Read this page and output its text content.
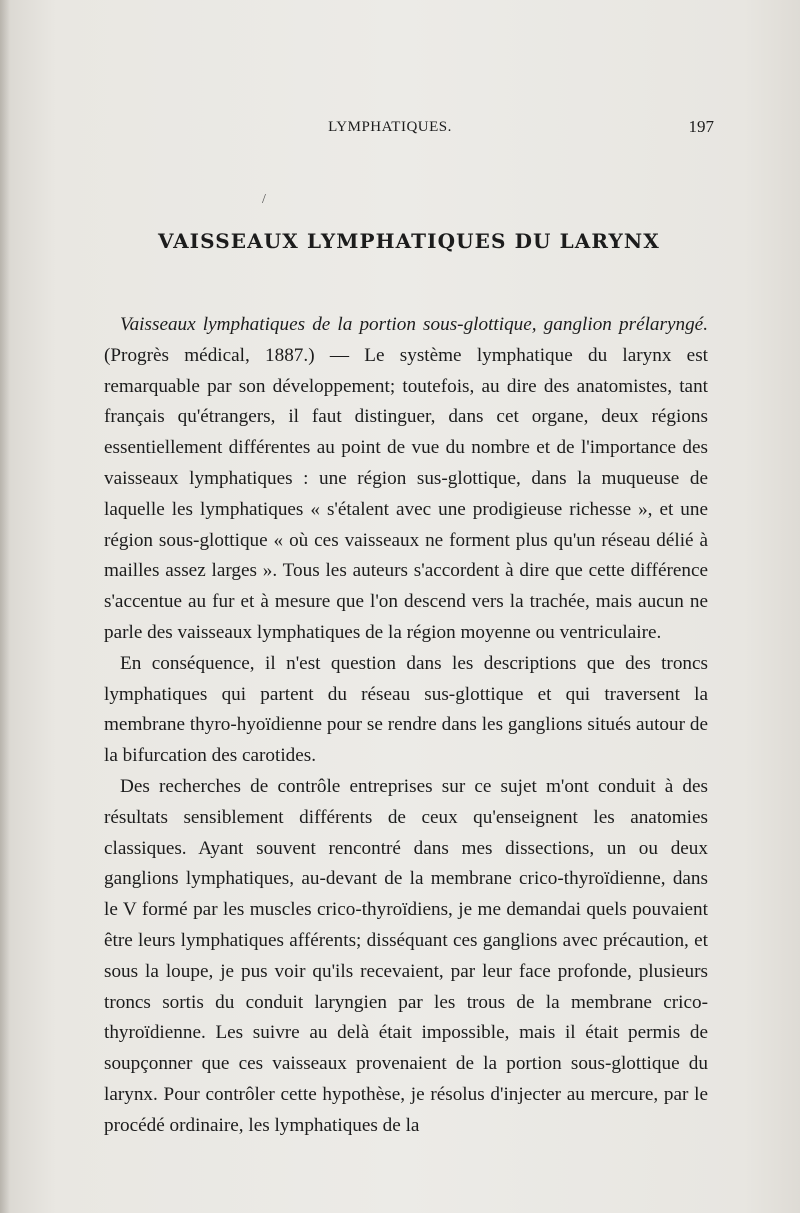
LYMPHATIQUES.	197
/
VAISSEAUX LYMPHATIQUES DU LARYNX

Vaisseaux lymphatiques de la portion sous-glottique, ganglion prélaryngé. (Progrès médical, 1887.) — Le système lymphatique du larynx est remarquable par son développement; toutefois, au dire des anatomistes, tant français qu'étrangers, il faut distinguer, dans cet organe, deux régions essentiellement différentes au point de vue du nombre et de l'importance des vaisseaux lymphatiques : une région sus-glottique, dans la muqueuse de laquelle les lymphatiques « s'étalent avec une prodigieuse richesse », et une région sous-glottique « où ces vaisseaux ne forment plus qu'un réseau délié à mailles assez larges ». Tous les auteurs s'accordent à dire que cette différence s'accentue au fur et à mesure que l'on descend vers la trachée, mais aucun ne parle des vaisseaux lymphatiques de la région moyenne ou ventriculaire.

En conséquence, il n'est question dans les descriptions que des troncs lymphatiques qui partent du réseau sus-glottique et qui traversent la membrane thyro-hyoïdienne pour se rendre dans les ganglions situés autour de la bifurcation des carotides.

Des recherches de contrôle entreprises sur ce sujet m'ont conduit à des résultats sensiblement différents de ceux qu'enseignent les anatomies classiques. Ayant souvent rencontré dans mes dissections, un ou deux ganglions lymphatiques, au-devant de la membrane crico-thyroïdienne, dans le V formé par les muscles crico-thyroïdiens, je me demandai quels pouvaient être leurs lymphatiques afférents; disséquant ces ganglions avec précaution, et sous la loupe, je pus voir qu'ils recevaient, par leur face profonde, plusieurs troncs sortis du conduit laryngien par les trous de la membrane crico-thyroïdienne. Les suivre au delà était impossible, mais il était permis de soupçonner que ces vaisseaux provenaient de la portion sous-glottique du larynx. Pour contrôler cette hypothèse, je résolus d'injecter au mercure, par le procédé ordinaire, les lymphatiques de la
